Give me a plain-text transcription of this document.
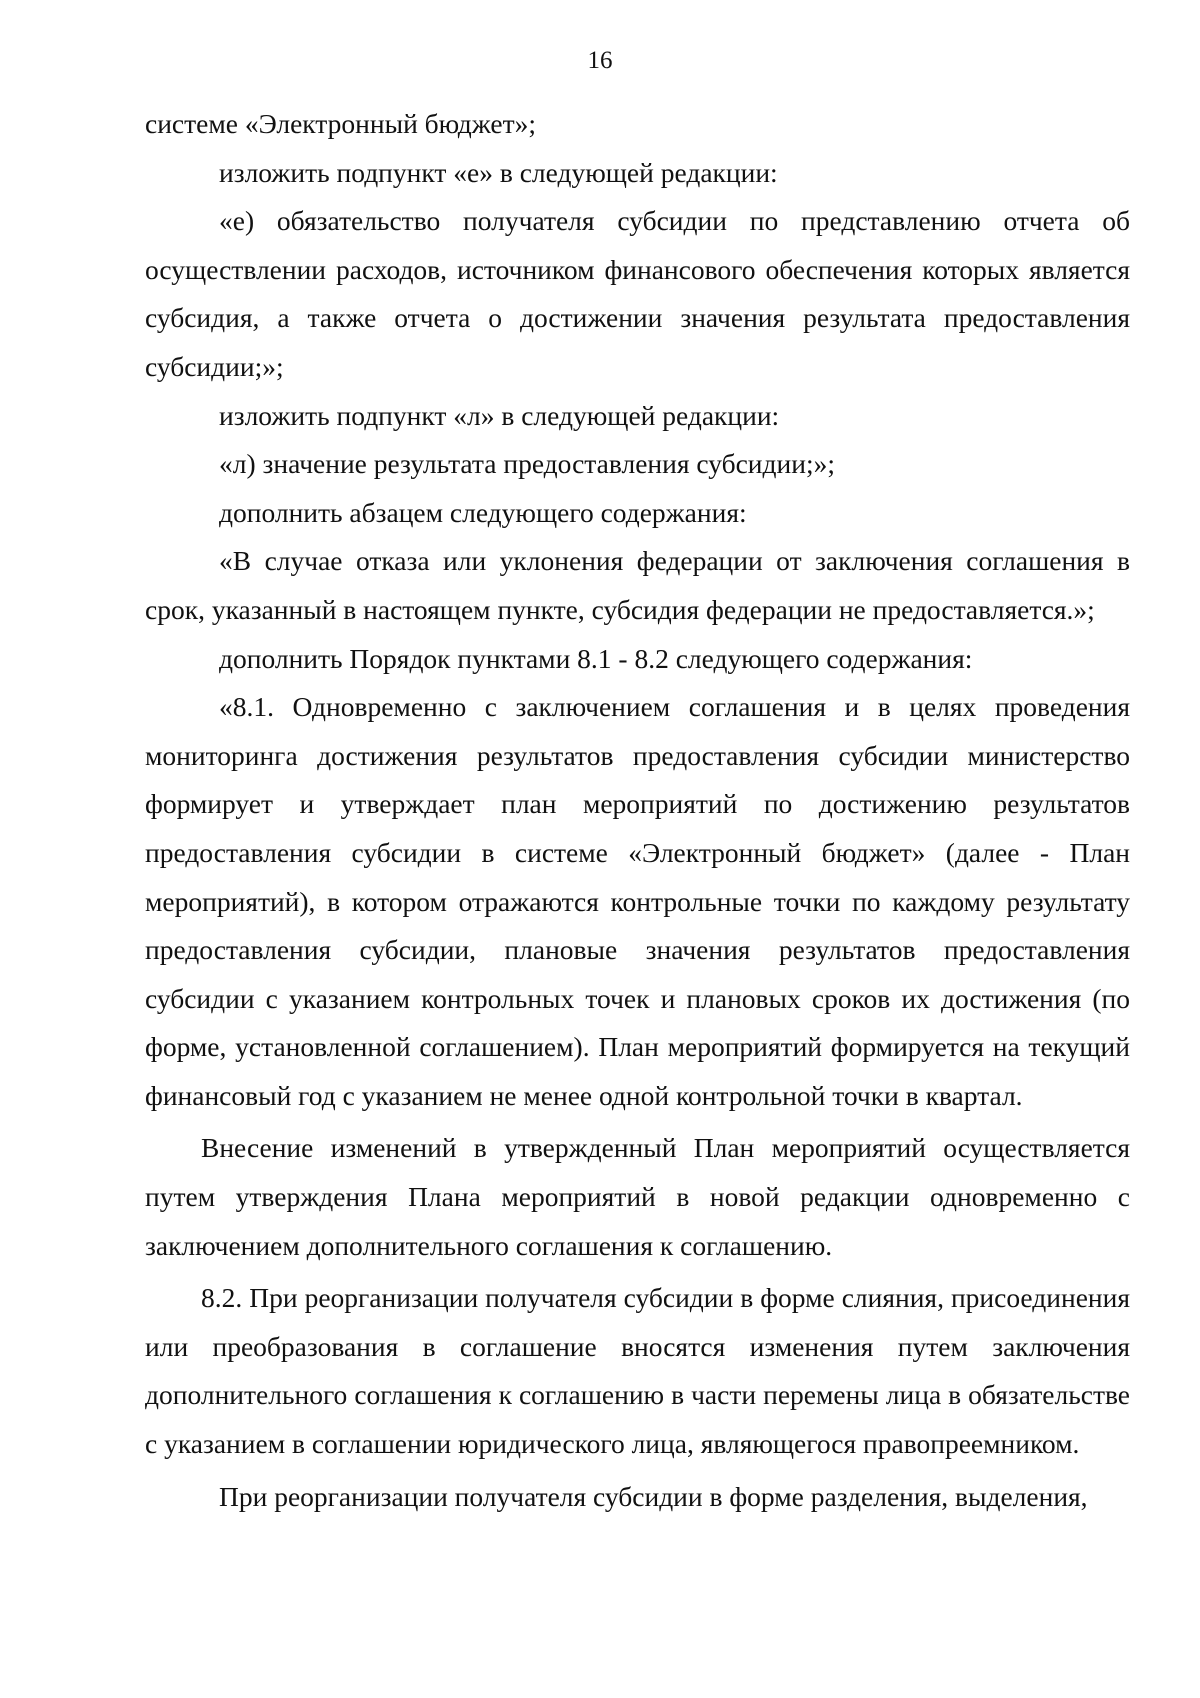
16

системе «Электронный бюджет»;

изложить подпункт «е» в следующей редакции:

«е) обязательство получателя субсидии по представлению отчета об осуществлении расходов, источником финансового обеспечения которых является субсидия, а также отчета о достижении значения результата предоставления субсидии;»;

изложить подпункт «л» в следующей редакции:

«л) значение результата предоставления субсидии;»;

дополнить абзацем следующего содержания:

«В случае отказа или уклонения федерации от заключения соглашения в срок, указанный в настоящем пункте, субсидия федерации не предоставляется.»;

дополнить Порядок пунктами 8.1 - 8.2 следующего содержания:

«8.1. Одновременно с заключением соглашения и в целях проведения мониторинга достижения результатов предоставления субсидии министерство формирует и утверждает план мероприятий по достижению результатов предоставления субсидии в системе «Электронный бюджет» (далее - План мероприятий), в котором отражаются контрольные точки по каждому результату предоставления субсидии, плановые значения результатов предоставления субсидии с указанием контрольных точек и плановых сроков их достижения (по форме, установленной соглашением). План мероприятий формируется на текущий финансовый год с указанием не менее одной контрольной точки в квартал.

Внесение изменений в утвержденный План мероприятий осуществляется путем утверждения Плана мероприятий в новой редакции одновременно с заключением дополнительного соглашения к соглашению.

8.2. При реорганизации получателя субсидии в форме слияния, присоединения или преобразования в соглашение вносятся изменения путем заключения дополнительного соглашения к соглашению в части перемены лица в обязательстве с указанием в соглашении юридического лица, являющегося правопреемником.

При реорганизации получателя субсидии в форме разделения, выделения,
